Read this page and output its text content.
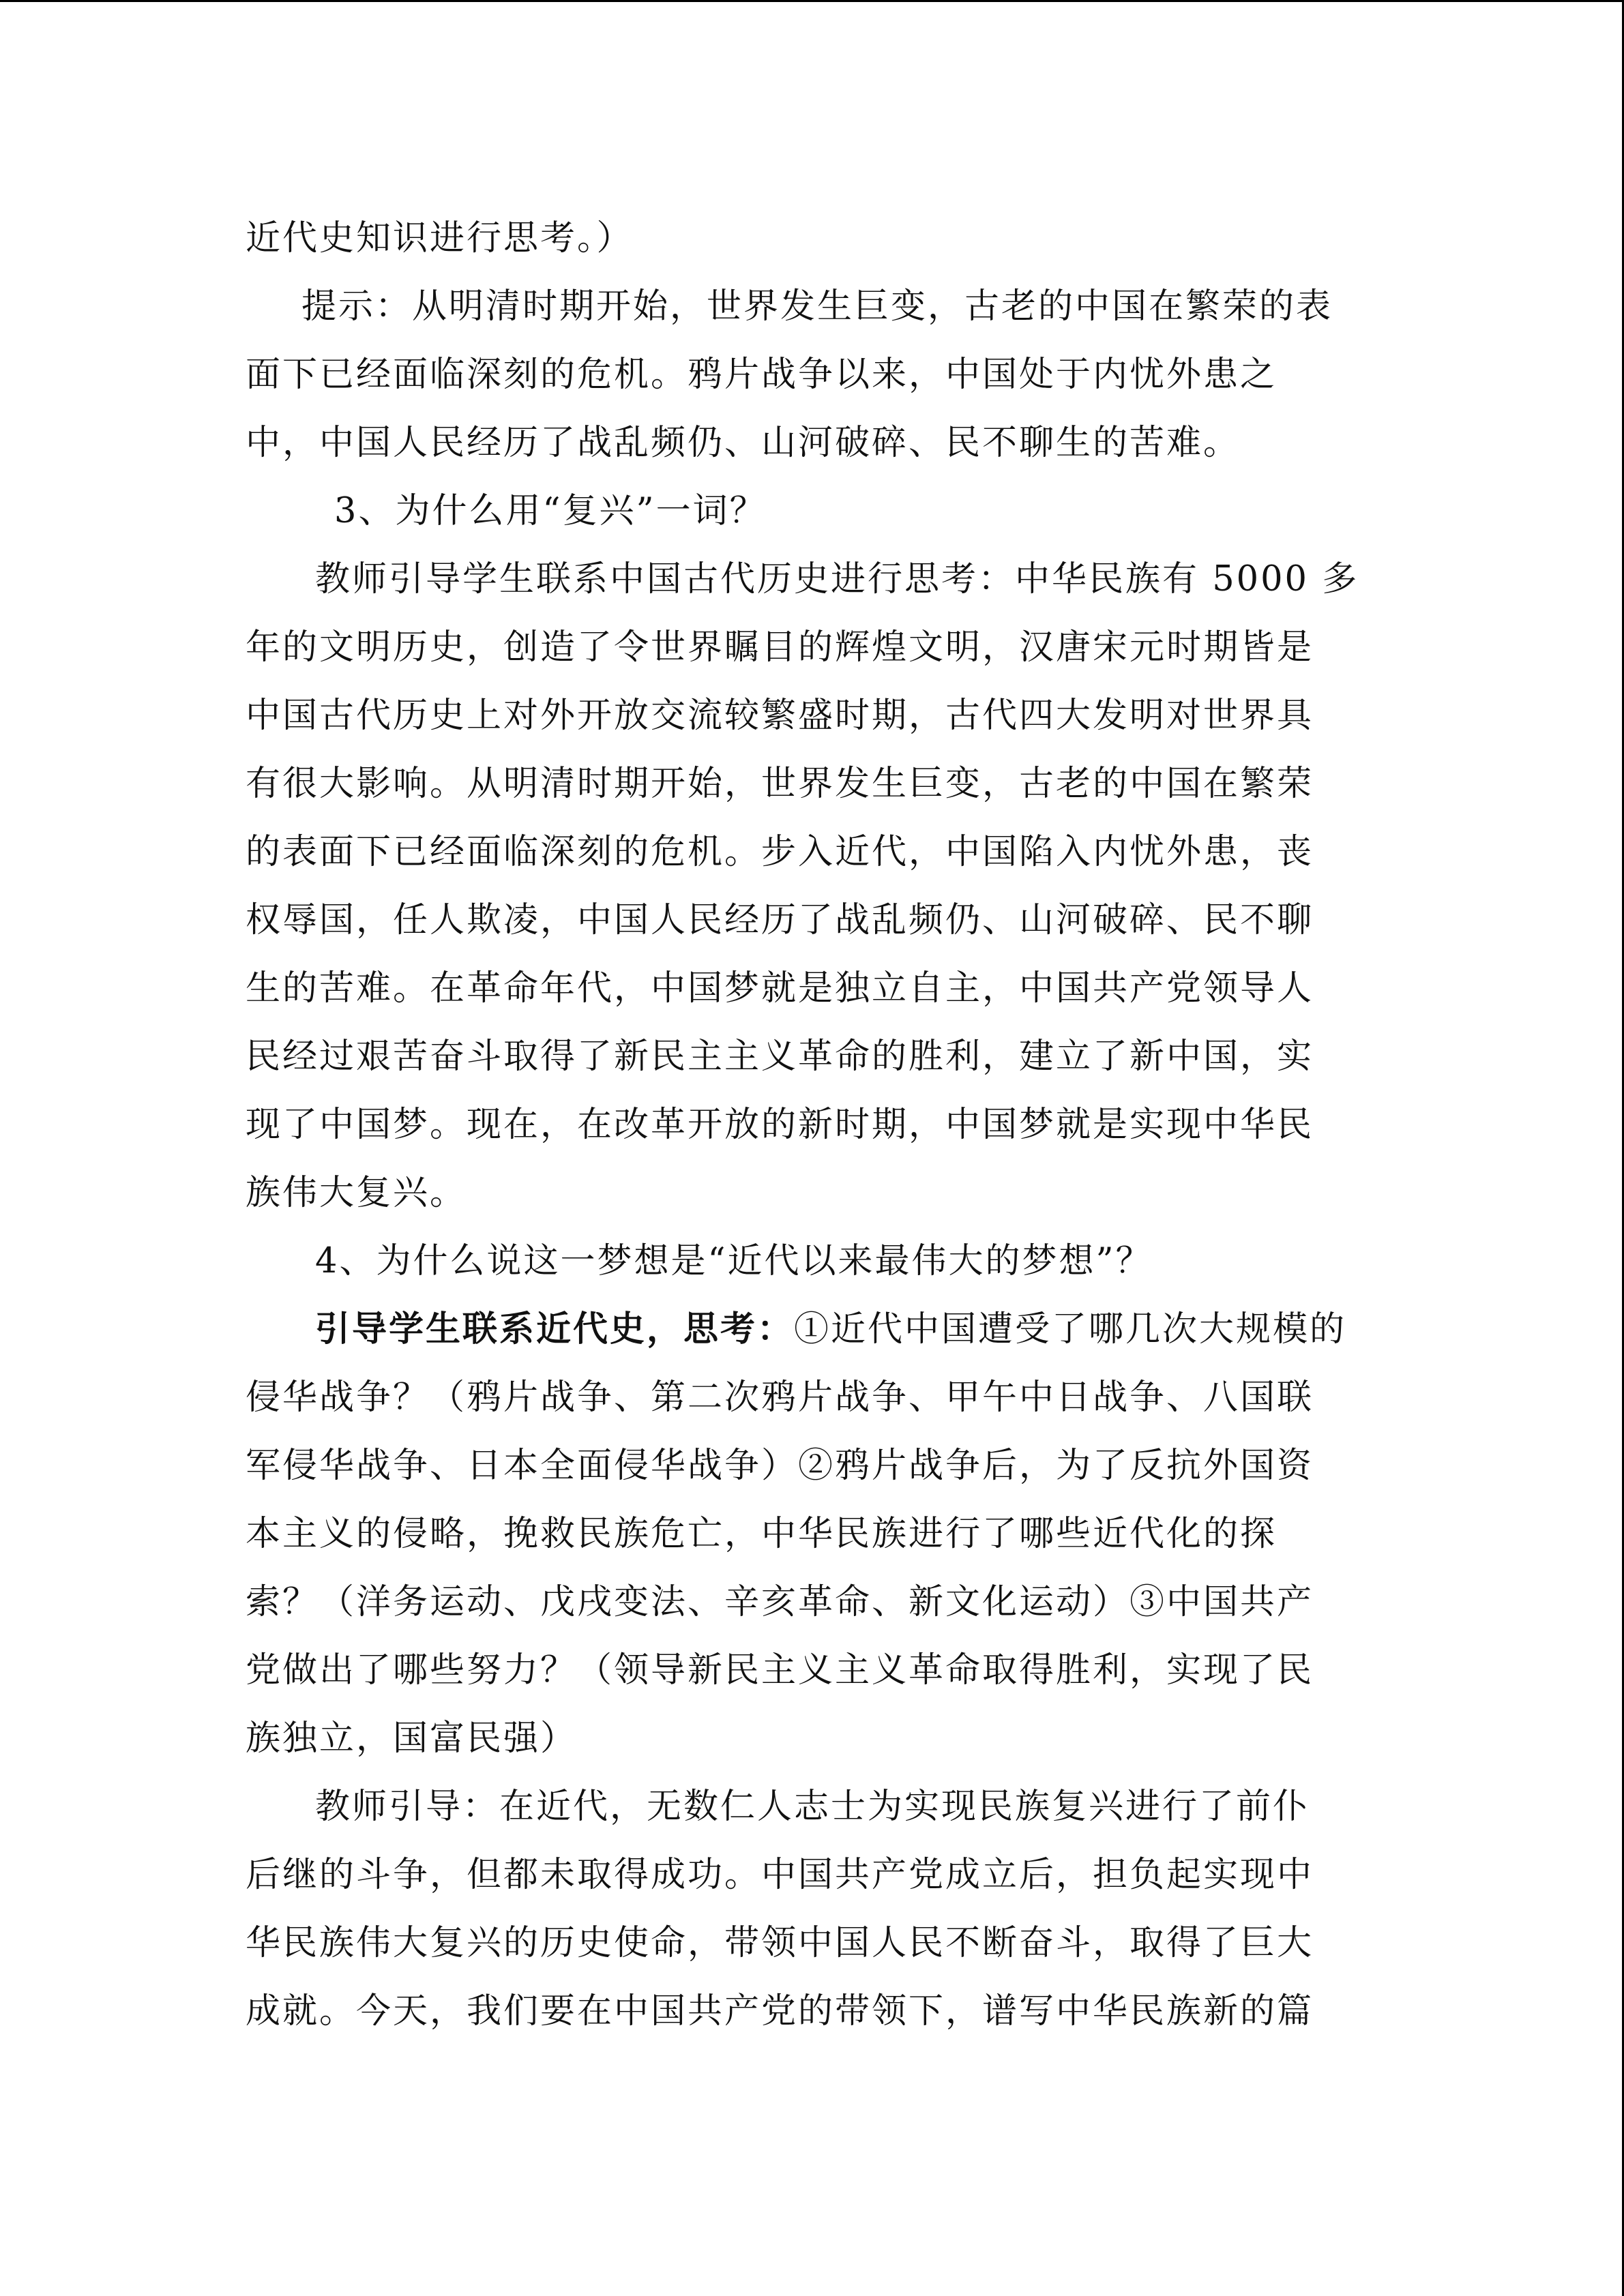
近代史知识进行思考。）

提示：从明清时期开始，世界发生巨变，古老的中国在繁荣的表
面下已经面临深刻的危机。鸦片战争以来，中国处于内忧外患之
中，中国人民经历了战乱频仍、山河破碎、民不聊生的苦难。

3、为什么用“复兴”一词？

教师引导学生联系中国古代历史进行思考：中华民族有 5000 多
年的文明历史，创造了令世界瞩目的辉煌文明，汉唐宋元时期皆是
中国古代历史上对外开放交流较繁盛时期，古代四大发明对世界具
有很大影响。从明清时期开始，世界发生巨变，古老的中国在繁荣
的表面下已经面临深刻的危机。步入近代，中国陷入内忧外患，丧
权辱国，任人欺凌，中国人民经历了战乱频仍、山河破碎、民不聊
生的苦难。在革命年代，中国梦就是独立自主，中国共产党领导人
民经过艰苦奋斗取得了新民主主义革命的胜利，建立了新中国，实
现了中国梦。现在，在改革开放的新时期，中国梦就是实现中华民
族伟大复兴。

4、为什么说这一梦想是“近代以来最伟大的梦想”？

引导学生联系近代史，思考：①近代中国遭受了哪几次大规模的
侵华战争？（鸦片战争、第二次鸦片战争、甲午中日战争、八国联
军侵华战争、日本全面侵华战争）②鸦片战争后，为了反抗外国资
本主义的侵略，挽救民族危亡，中华民族进行了哪些近代化的探
索？（洋务运动、戊戌变法、辛亥革命、新文化运动）③中国共产
党做出了哪些努力？（领导新民主义主义革命取得胜利，实现了民
族独立，国富民强）

教师引导：在近代，无数仁人志士为实现民族复兴进行了前仆
后继的斗争，但都未取得成功。中国共产党成立后，担负起实现中
华民族伟大复兴的历史使命，带领中国人民不断奋斗，取得了巨大
成就。今天，我们要在中国共产党的带领下，谱写中华民族新的篇
